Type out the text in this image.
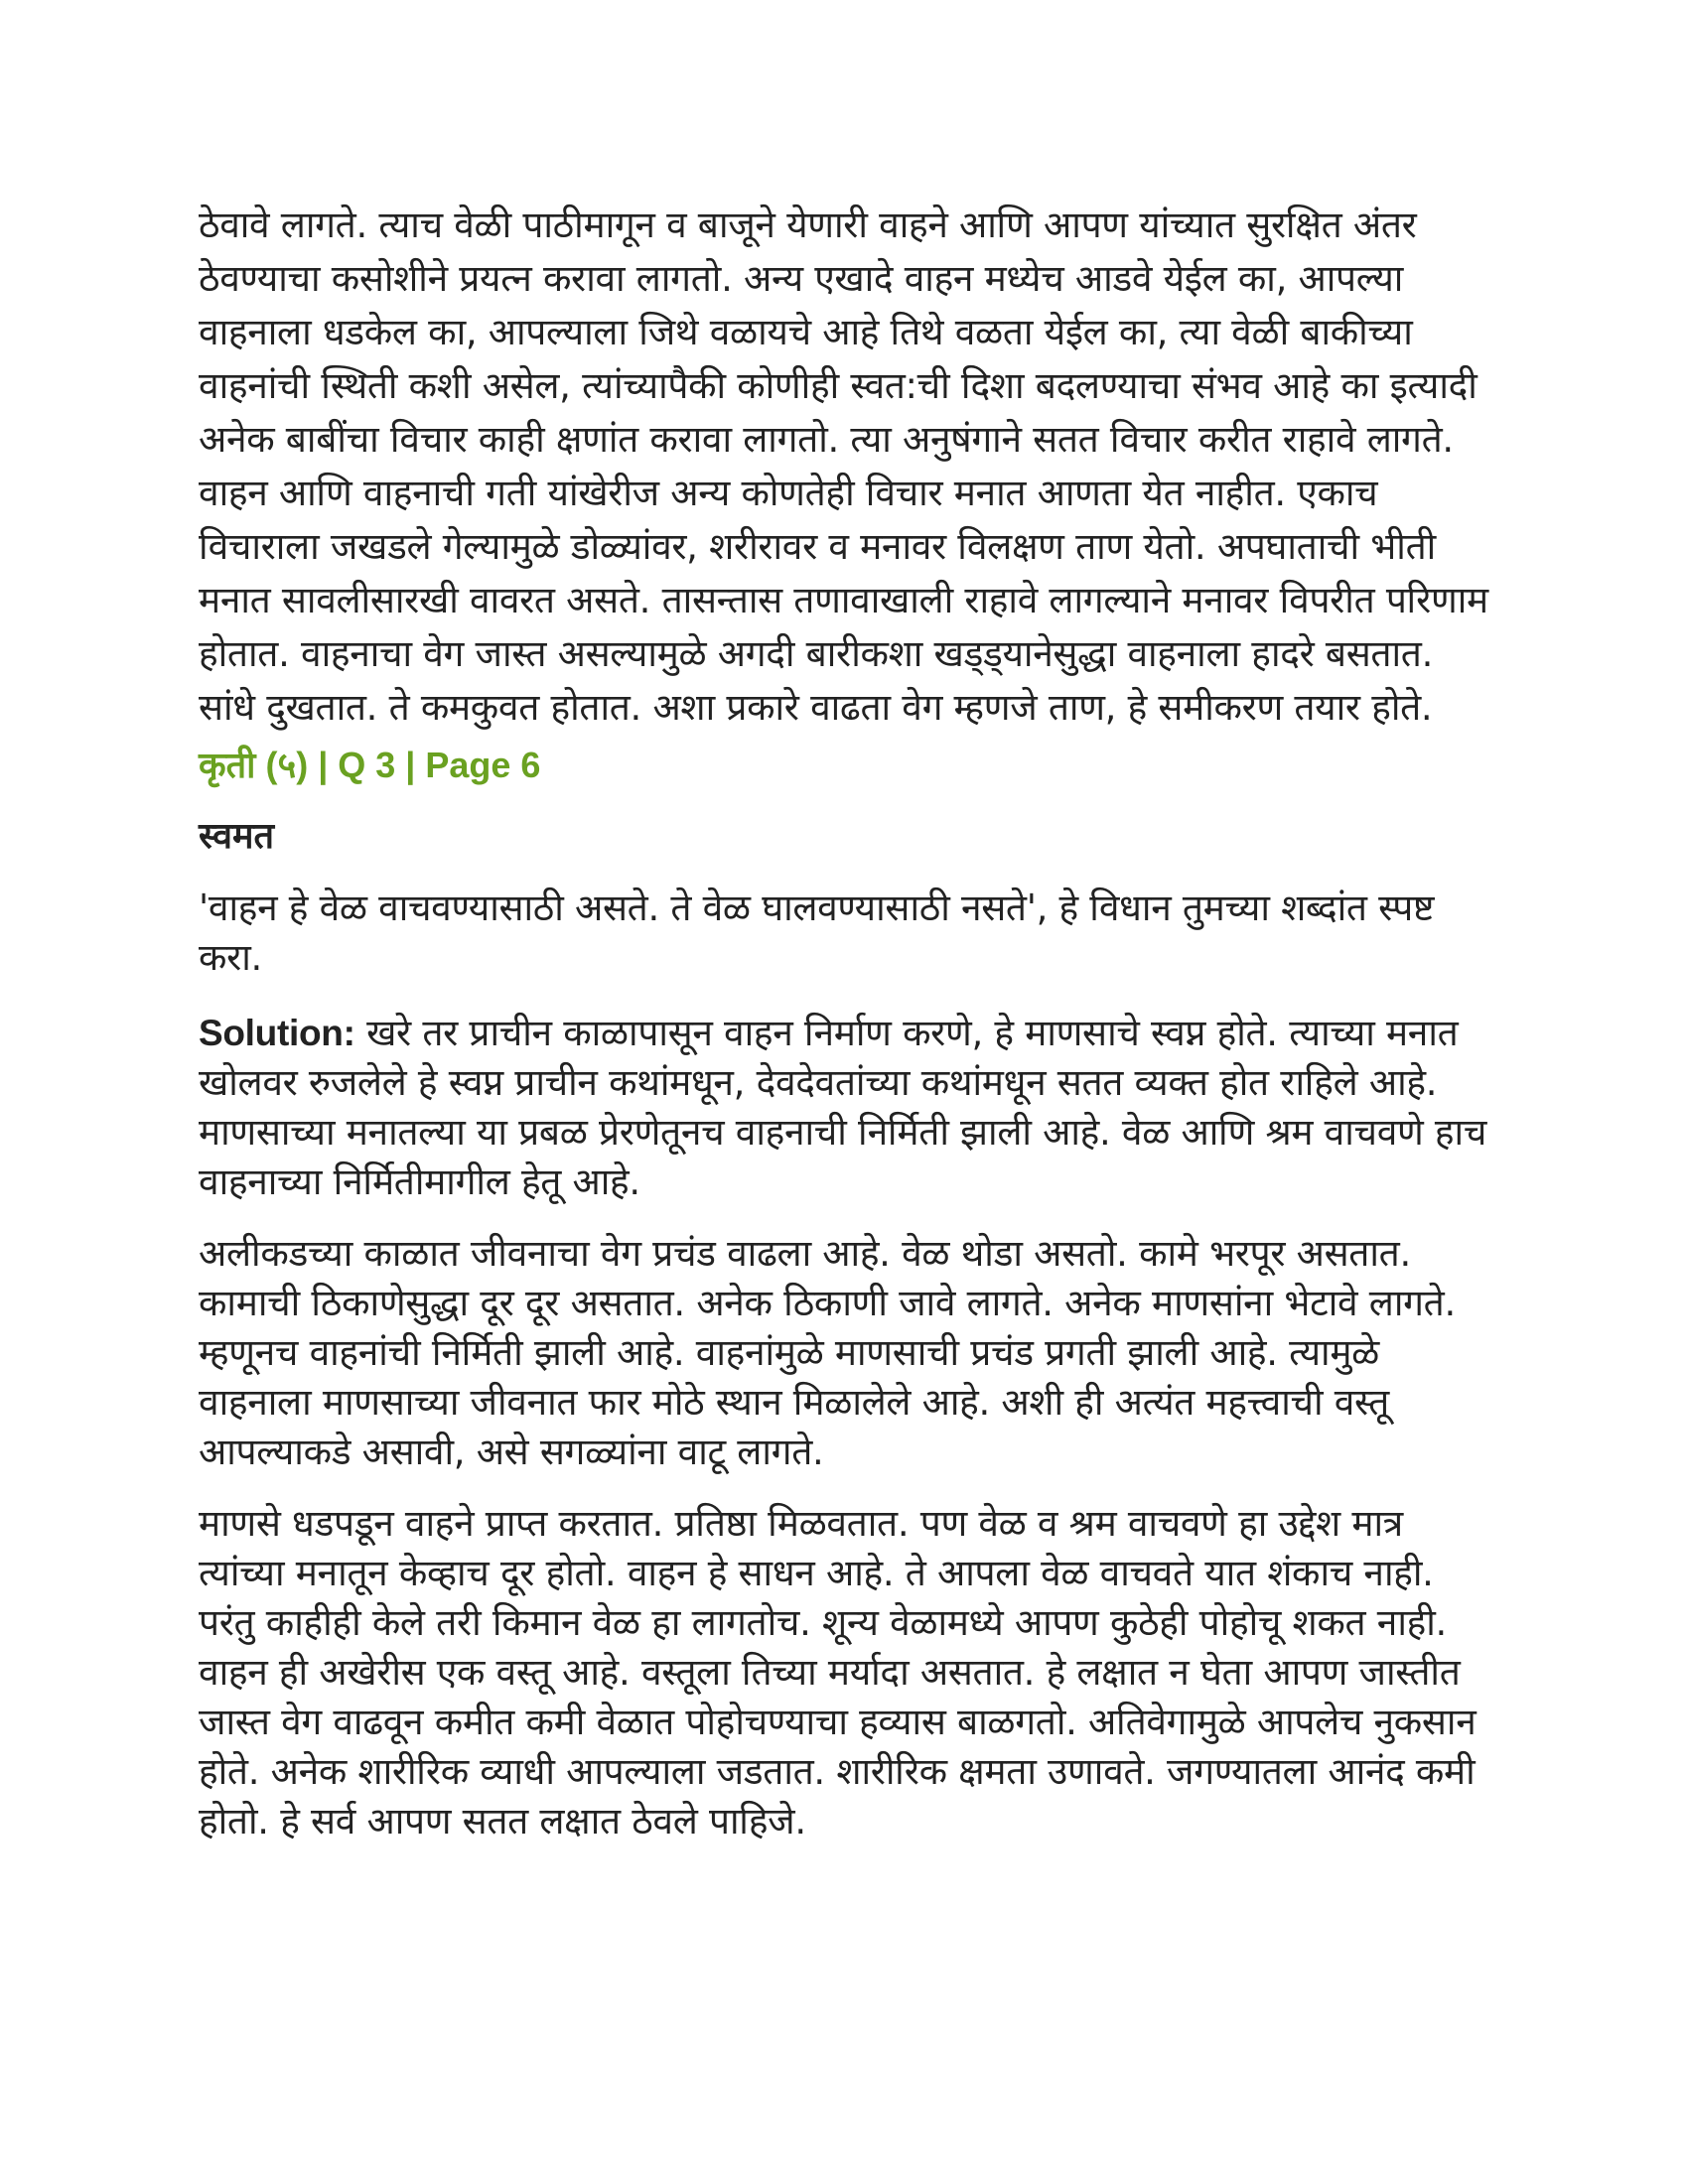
ठेवावे लागते. त्याच वेळी पाठीमागून व बाजूने येणारी वाहने आणि आपण यांच्यात सुरक्षित अंतर ठेवण्याचा कसोशीने प्रयत्न करावा लागतो. अन्य एखादे वाहन मध्येच आडवे येईल का, आपल्या वाहनाला धडकेल का, आपल्याला जिथे वळायचे आहे तिथे वळता येईल का, त्या वेळी बाकीच्या वाहनांची स्थिती कशी असेल, त्यांच्यापैकी कोणीही स्वत:ची दिशा बदलण्याचा संभव आहे का इत्यादी अनेक बाबींचा विचार काही क्षणांत करावा लागतो. त्या अनुषंगाने सतत विचार करीत राहावे लागते. वाहन आणि वाहनाची गती यांखेरीज अन्य कोणतेही विचार मनात आणता येत नाहीत. एकाच विचाराला जखडले गेल्यामुळे डोळ्यांवर, शरीरावर व मनावर विलक्षण ताण येतो. अपघाताची भीती मनात सावलीसारखी वावरत असते. तासन्तास तणावाखाली राहावे लागल्याने मनावर विपरीत परिणाम होतात. वाहनाचा वेग जास्त असल्यामुळे अगदी बारीकशा खड्ड्यानेसुद्धा वाहनाला हादरे बसतात. सांधे दुखतात. ते कमकुवत होतात. अशा प्रकारे वाढता वेग म्हणजे ताण, हे समीकरण तयार होते.

कृती (५) | Q 3 | Page 6

स्वमत

'वाहन हे वेळ वाचवण्यासाठी असते. ते वेळ घालवण्यासाठी नसते', हे विधान तुमच्या शब्दांत स्पष्ट करा.

Solution: खरे तर प्राचीन काळापासून वाहन निर्माण करणे, हे माणसाचे स्वप्न होते. त्याच्या मनात खोलवर रुजलेले हे स्वप्न प्राचीन कथांमधून, देवदेवतांच्या कथांमधून सतत व्यक्त होत राहिले आहे. माणसाच्या मनातल्या या प्रबळ प्रेरणेतूनच वाहनाची निर्मिती झाली आहे. वेळ आणि श्रम वाचवणे हाच वाहनाच्या निर्मितीमागील हेतू आहे.

अलीकडच्या काळात जीवनाचा वेग प्रचंड वाढला आहे. वेळ थोडा असतो. कामे भरपूर असतात. कामाची ठिकाणेसुद्धा दूर दूर असतात. अनेक ठिकाणी जावे लागते. अनेक माणसांना भेटावे लागते. म्हणूनच वाहनांची निर्मिती झाली आहे. वाहनांमुळे माणसाची प्रचंड प्रगती झाली आहे. त्यामुळे वाहनाला माणसाच्या जीवनात फार मोठे स्थान मिळालेले आहे. अशी ही अत्यंत महत्त्वाची वस्तू आपल्याकडे असावी, असे सगळ्यांना वाटू लागते.

माणसे धडपडून वाहने प्राप्त करतात. प्रतिष्ठा मिळवतात. पण वेळ व श्रम वाचवणे हा उद्देश मात्र त्यांच्या मनातून केव्हाच दूर होतो. वाहन हे साधन आहे. ते आपला वेळ वाचवते यात शंकाच नाही. परंतु काहीही केले तरी किमान वेळ हा लागतोच. शून्य वेळामध्ये आपण कुठेही पोहोचू शकत नाही. वाहन ही अखेरीस एक वस्तू आहे. वस्तूला तिच्या मर्यादा असतात. हे लक्षात न घेता आपण जास्तीत जास्त वेग वाढवून कमीत कमी वेळात पोहोचण्याचा हव्यास बाळगतो. अतिवेगामुळे आपलेच नुकसान होते. अनेक शारीरिक व्याधी आपल्याला जडतात. शारीरिक क्षमता उणावते. जगण्यातला आनंद कमी होतो. हे सर्व आपण सतत लक्षात ठेवले पाहिजे.
